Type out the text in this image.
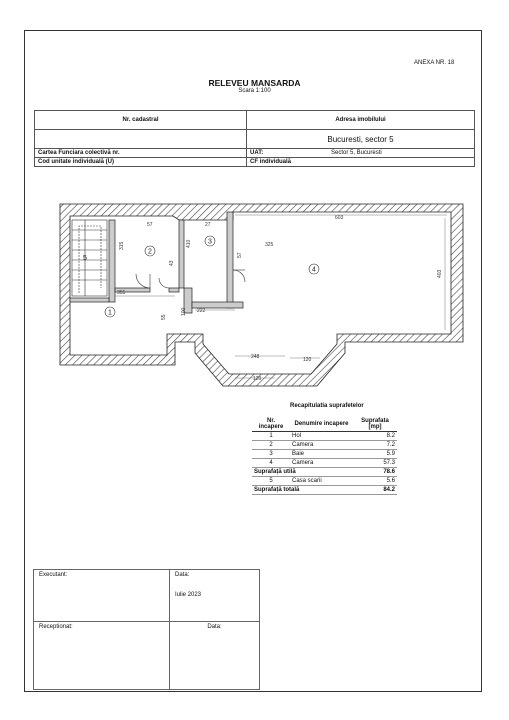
ANEXA NR. 18
RELEVEU MANSARDA
Scara 1:100
Nr. cadastral	Adresa imobilului	
	Bucuresti, sector 5	
Cartea Funciara colectivă nr.	UAT:	Sector 5, Bucuresti
Cod unitate individuală (U)	CF individuală	
355
57
315
27
43
603
403
57
410
55
222
100
325
248	120
120
1
2
3
4
5
Recapitulatia suprafetelor
Nr. incapere	Denumire incapere	Suprafata [mp]
1	Hol	8.2
2	Camera	7.2
3	Baie	5.9
4	Camera	57.3
Suprafață utilă		78.6
5	Casa scarii	5.6
Suprafață totală		84.2
Executant:	Data:
Iulie 2023

Receptionat:	Data:
